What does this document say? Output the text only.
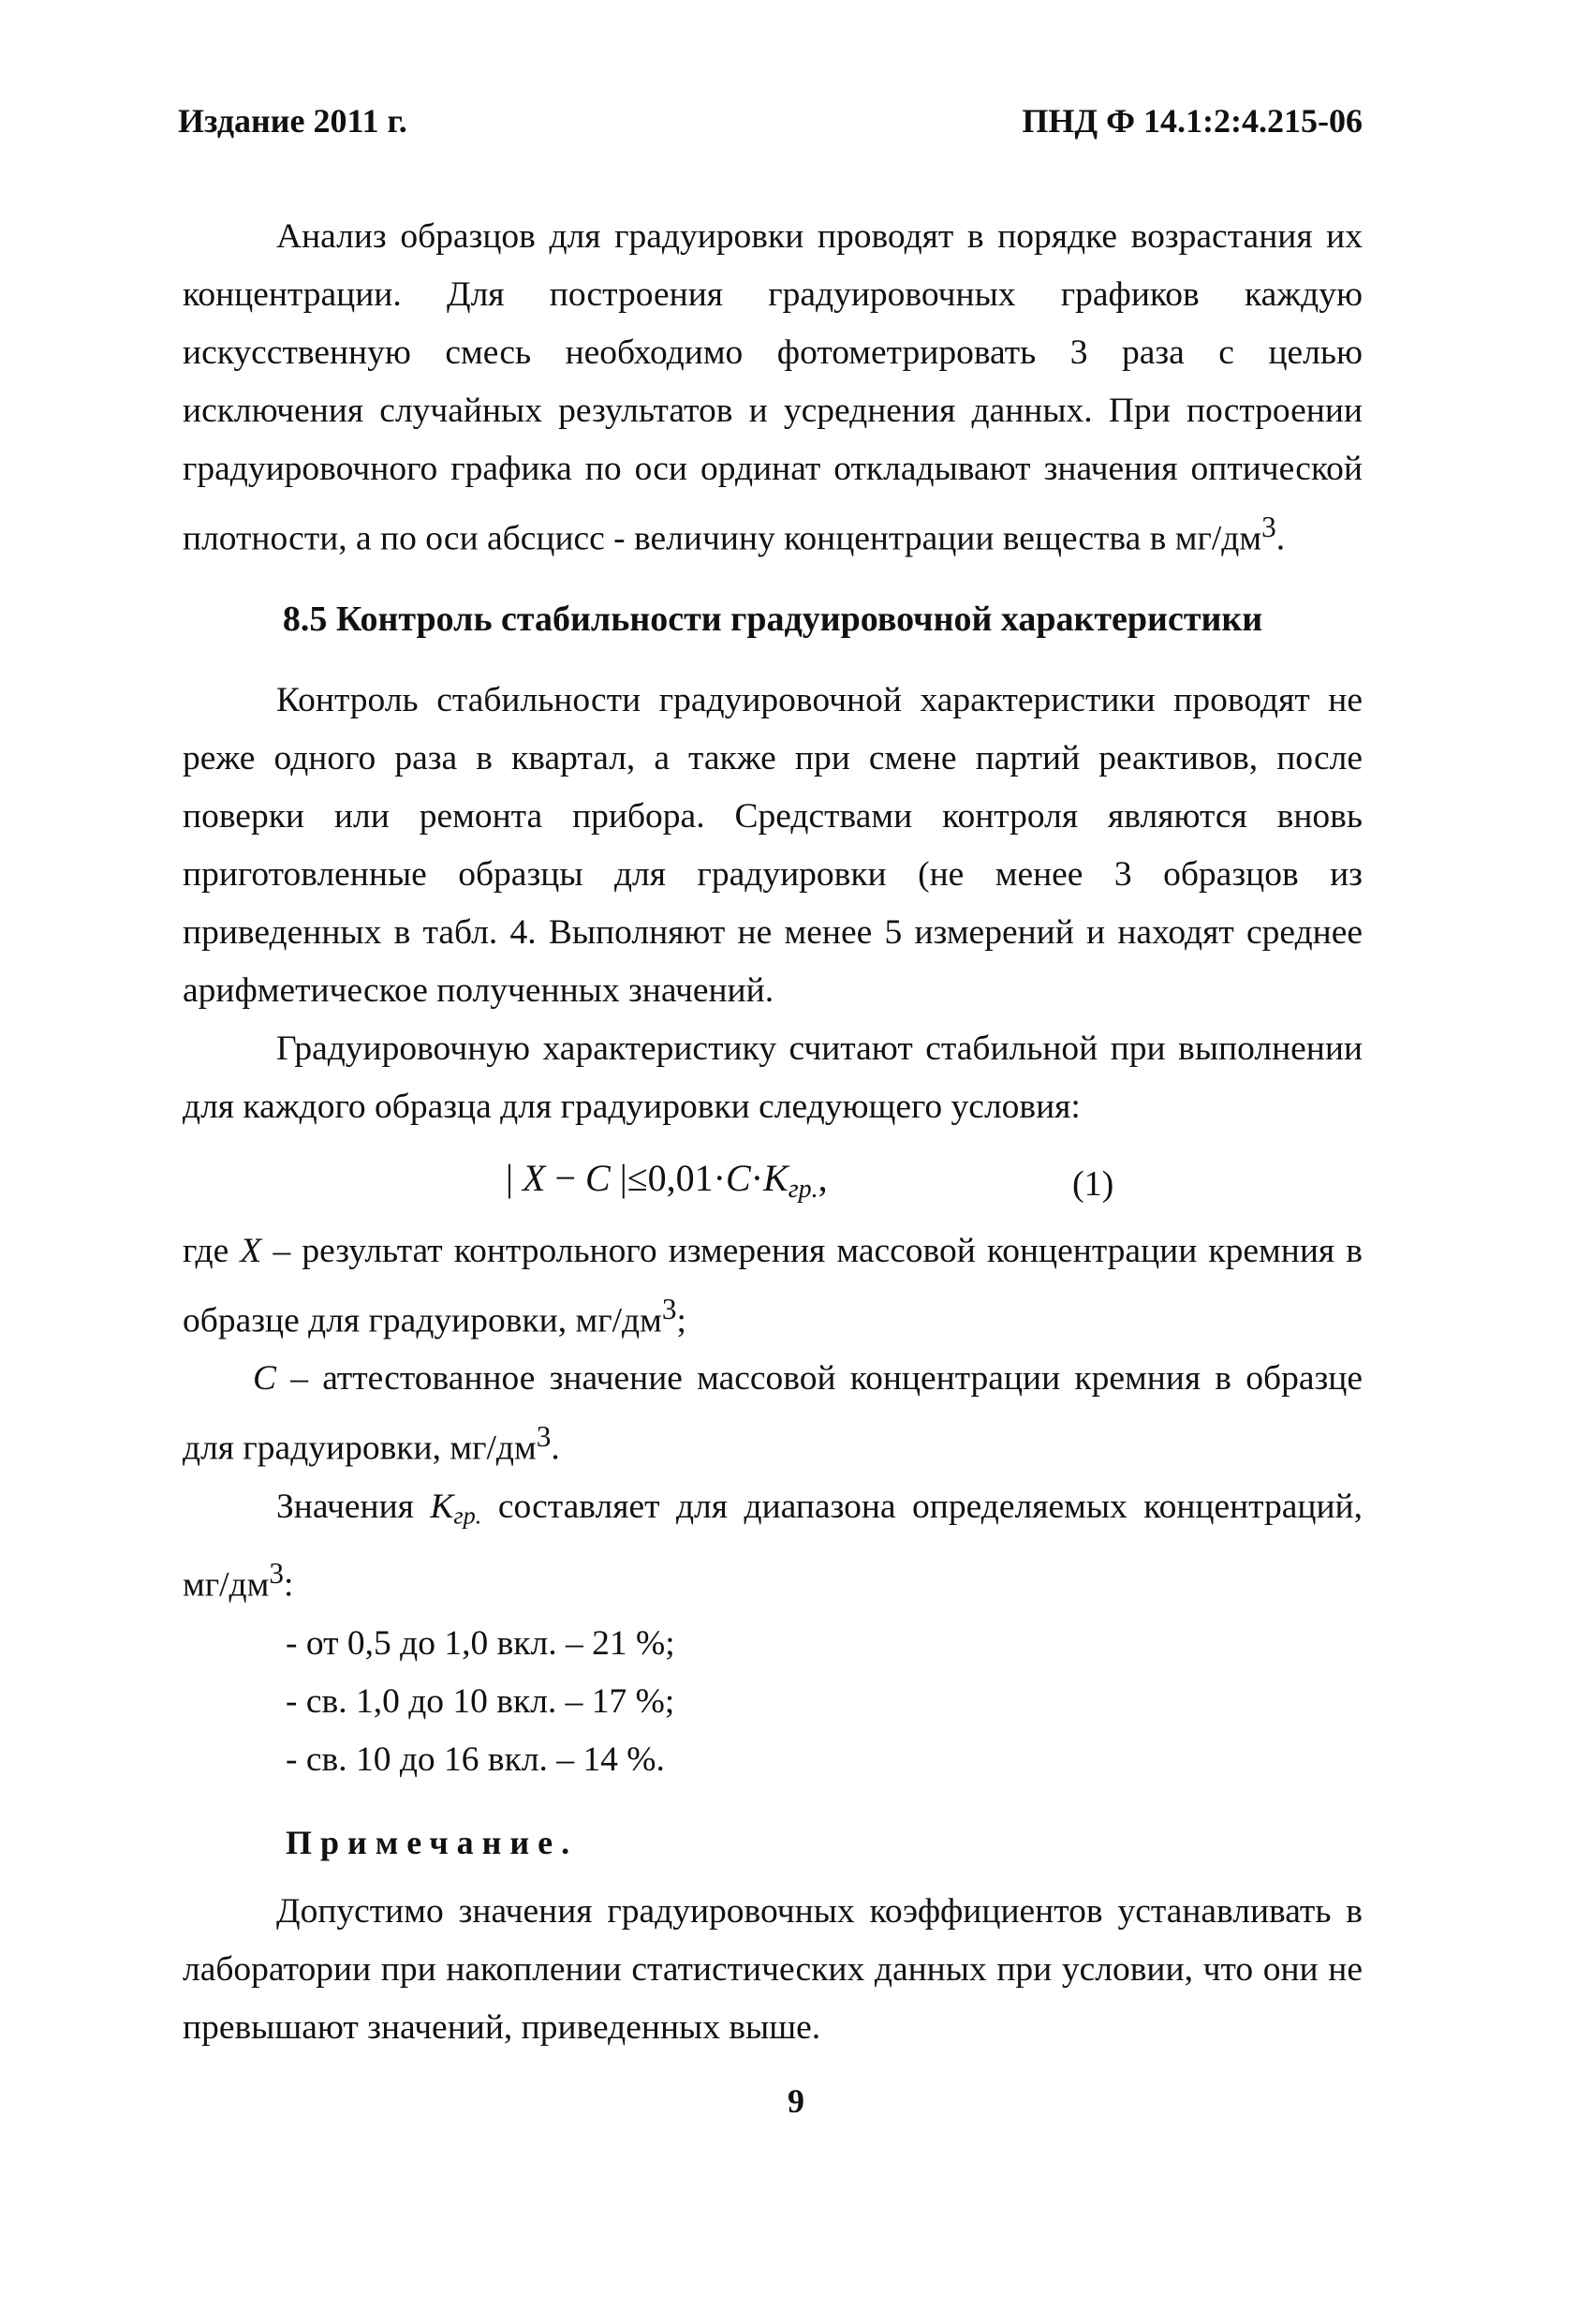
Издание 2011 г.	ПНД Ф 14.1:2:4.215-06

Анализ образцов для градуировки проводят в порядке возрастания их концентрации. Для построения градуировочных графиков каждую искусственную смесь необходимо фотометрировать 3 раза с целью исключения случайных результатов и усреднения данных. При построении градуировочного графика по оси ординат откладывают значения оптической плотности, а по оси абсцисс - величину концентрации вещества в $мг/дм^3$.

8.5 Контроль стабильности градуировочной характеристики

Контроль стабильности градуировочной характеристики проводят не реже одного раза в квартал, а также при смене партий реактивов, после поверки или ремонта прибора. Средствами контроля являются вновь приготовленные образцы для градуировки (не менее 3 образцов из приведенных в табл. 4. Выполняют не менее 5 измерений и находят среднее арифметическое полученных значений.

Градуировочную характеристику считают стабильной при выполнении для каждого образца для градуировки следующего условия:

| X − C $|\le 0,01\cdot C\cdot K_{гр.}$,	(1)

где X – результат контрольного измерения массовой концентрации кремния в образце для градуировки, $мг/дм^3$;

C – аттестованное значение массовой концентрации кремния в образце для градуировки, $мг/дм^3$.

Значения $K_{гр.}$ составляет для диапазона определяемых концентраций, $мг/дм^3$:

- от 0,5 до 1,0 вкл. – 21 %;
- св. 1,0 до 10 вкл. – 17 %;
- св. 10 до 16 вкл. – 14 %.
Примечание.

Допустимо значения градуировочных коэффициентов устанавливать в лаборатории при накоплении статистических данных при условии, что они не превышают значений, приведенных выше.

9
